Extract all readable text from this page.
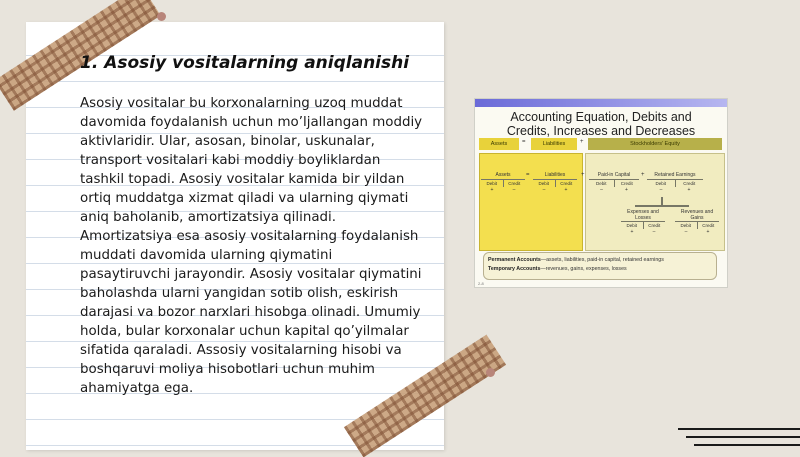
1. Asosiy vositalarning aniqlanishi

Asosiy vositalar bu korxonalarning uzoq muddat davomida foydalanish uchun mo’ljallangan moddiy aktivlaridir. Ular, asosan, binolar, uskunalar, transport vositalari kabi moddiy boyliklardan tashkil topadi. Asosiy vositalar kamida bir yildan ortiq muddatga xizmat qiladi va ularning qiymati aniq baholanib, amortizatsiya qilinadi. Amortizatsiya esa asosiy vositalarning foydalanish muddati davomida ularning qiymatini pasaytiruvchi jarayondir. Asosiy vositalar qiymatini baholashda ularni yangidan sotib olish, eskirish darajasi va bozor narxlari hisobga olinadi. Umumiy holda, bular korxonalar uchun kapital qo’yilmalar sifatida qaraladi. Assosiy vositalarning hisobi va boshqaruvi moliya hisobotlari uchun muhim ahamiyatga ega.

Accounting Equation, Debits and
Credits, Increases and Decreases
Assets	=	Liabilities	+	Stockholders' Equity
Assets
Debit	Credit
+	–
=	Liabilities
Debit	Credit
–	+
+	Paid-in Capital
Debit	Credit
–	+
+	Retained Earnings
Debit	Credit
–	+
Expenses and Losses
Debit	Credit
+	–
Revenues and Gains
Debit	Credit
–	+
Permanent Accounts—assets, liabilities, paid-in capital, retained earnings
Temporary Accounts—revenues, gains, expenses, losses
2-8
